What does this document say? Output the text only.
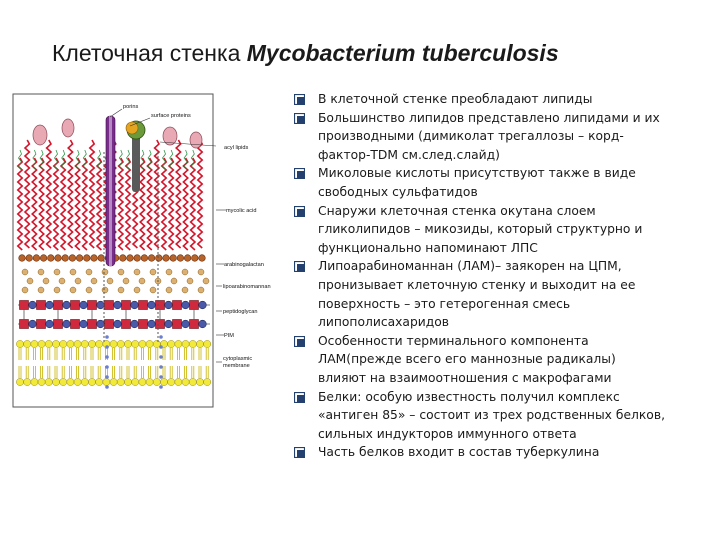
Клеточная стенка Mycobacterium tuberculosis
porins
surface proteins
acyl lipids
mycolic acid
arabinogalactan
lipoarabinomannan
peptidoglycan
PIM
cytoplasmic
membrane
В клеточной стенке преобладают липиды
Большинство липидов представлено липидами и их
производными (димиколат трегаллозы – корд-
фактор-TDM см.след.слайд)
Миколовые кислоты присутствуют также в виде
свободных сульфатидов
Снаружи клеточная стенка окутана слоем
гликолипидов – микозиды, который структурно и
функционально напоминают ЛПС
Липоарабиноманнан (ЛАМ)– заякорен на ЦПМ,
пронизывает клеточную стенку и выходит на ее
поверхность – это гетерогенная смесь
липополисахаридов
Особенности терминального компонента
ЛАМ(прежде всего его маннозные радикалы)
влияют на взаимоотношения с макрофагами
Белки: особую известность получил комплекс
«антиген 85» – состоит из трех родственных белков,
сильных индукторов иммунного ответа
Часть белков входит в состав туберкулина
